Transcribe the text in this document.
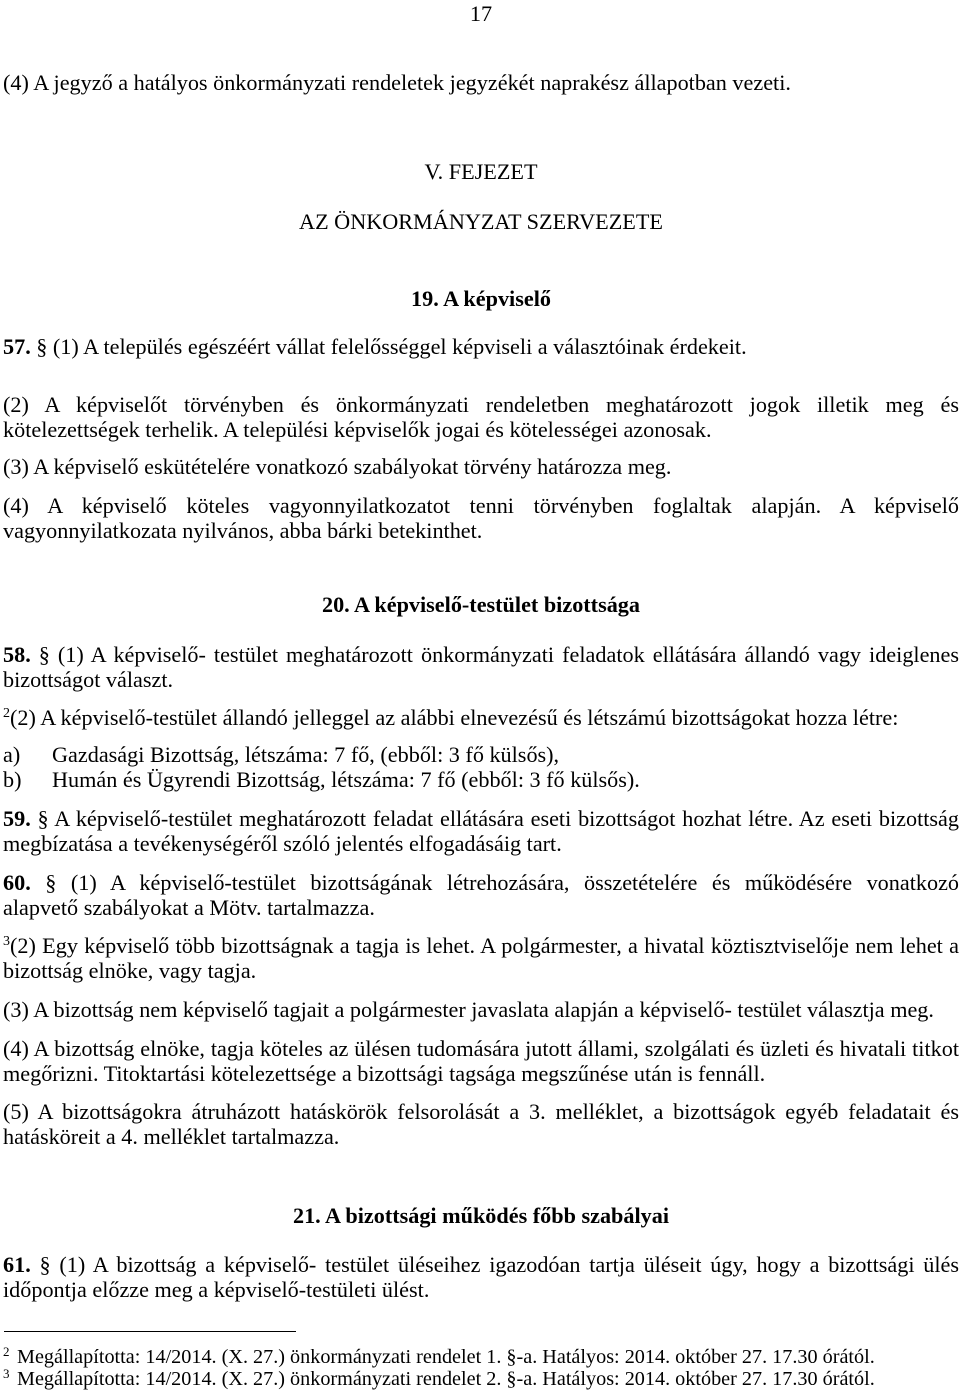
17
(4) A jegyző a hatályos önkormányzati rendeletek jegyzékét naprakész állapotban vezeti.
V. FEJEZET
AZ ÖNKORMÁNYZAT SZERVEZETE
19. A képviselő
57. § (1) A település egészéért vállat felelősséggel képviseli a választóinak érdekeit.
(2) A képviselőt törvényben és önkormányzati rendeletben meghatározott jogok illetik meg és
kötelezettségek terhelik. A települési képviselők jogai és kötelességei azonosak.
(3) A képviselő eskütételére vonatkozó szabályokat törvény határozza meg.
(4) A képviselő köteles vagyonnyilatkozatot tenni törvényben foglaltak alapján. A képviselő
vagyonnyilatkozata nyilvános, abba bárki betekinthet.
20. A képviselő-testület bizottsága
58. § (1) A képviselő- testület meghatározott önkormányzati feladatok ellátására állandó vagy ideiglenes
bizottságot választ.
$^2$(2) A képviselő-testület állandó jelleggel az alábbi elnevezésű és létszámú bizottságokat hozza létre:
a) Gazdasági Bizottság, létszáma: 7 fő, (ebből: 3 fő külsős),
b) Humán és Ügyrendi Bizottság, létszáma: 7 fő (ebből: 3 fő külsős).
59. § A képviselő-testület meghatározott feladat ellátására eseti bizottságot hozhat létre. Az eseti bizottság
megbízatása a tevékenységéről szóló jelentés elfogadásáig tart.
60. § (1) A képviselő-testület bizottságának létrehozására, összetételére és működésére vonatkozó
alapvető szabályokat a Mötv. tartalmazza.
$^3$(2) Egy képviselő több bizottságnak a tagja is lehet. A polgármester, a hivatal köztisztviselője nem lehet a
bizottság elnöke, vagy tagja.
(3) A bizottság nem képviselő tagjait a polgármester javaslata alapján a képviselő- testület választja meg.
(4) A bizottság elnöke, tagja köteles az ülésen tudomására jutott állami, szolgálati és üzleti és hivatali titkot
megőrizni. Titoktartási kötelezettsége a bizottsági tagsága megszűnése után is fennáll.
(5) A bizottságokra átruházott hatáskörök felsorolását a 3. melléklet, a bizottságok egyéb feladatait és
hatásköreit a 4. melléklet tartalmazza.
21. A bizottsági működés főbb szabályai
61. § (1) A bizottság a képviselő- testület üléseihez igazodóan tartja üléseit úgy, hogy a bizottsági ülés
időpontja előzze meg a képviselő-testületi ülést.
2 Megállapította: 14/2014. (X. 27.) önkormányzati rendelet 1. §-a. Hatályos: 2014. október 27. 17.30 órától.
3 Megállapította: 14/2014. (X. 27.) önkormányzati rendelet 2. §-a. Hatályos: 2014. október 27. 17.30 órától.
